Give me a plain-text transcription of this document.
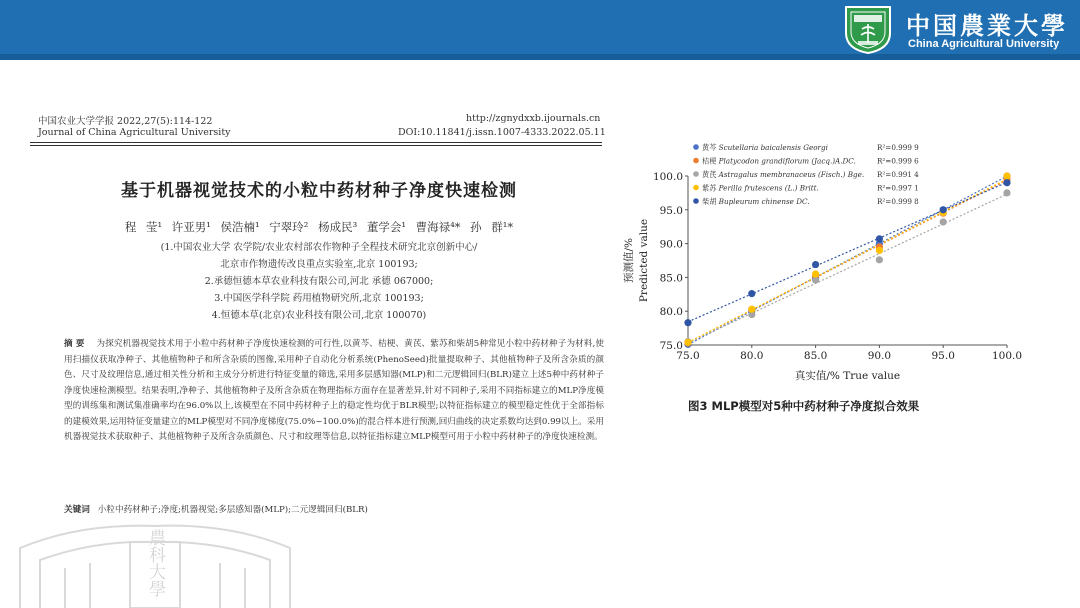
中国農業大學
China Agricultural University
中国农业大学学报 2022,27(5):114-122
Journal of China Agricultural University
http://zgnydxxb.ijournals.cn
DOI:10.11841/j.issn.1007-4333.2022.05.11
基于机器视觉技术的小粒中药材种子净度快速检测
程 莹¹ 许亚男¹ 侯浩楠¹ 宁翠玲² 杨成民³ 董学会¹ 曹海禄⁴* 孙 群¹*
(1.中国农业大学 农学院/农业农村部农作物种子全程技术研究北京创新中心/
北京市作物遗传改良重点实验室,北京 100193;
2.承德恒德本草农业科技有限公司,河北 承德 067000;
3.中国医学科学院 药用植物研究所,北京 100193;
4.恒德本草(北京)农业科技有限公司,北京 100070)
摘 要 为探究机器视觉技术用于小粒中药材种子净度快速检测的可行性,以黄芩、桔梗、黄芪、紫苏和柴胡5种常见小粒中药材种子为材料,使用扫描仪获取净种子、其他植物种子和所含杂质的图像,采用种子自动化分析系统(PhenoSeed)批量提取种子、其他植物种子及所含杂质的颜色、尺寸及纹理信息,通过相关性分析和主成分分析进行特征变量的筛选,采用多层感知器(MLP)和二元逻辑回归(BLR)建立上述5种中药材种子净度快速检测模型。结果表明,净种子、其他植物种子及所含杂质在物理指标方面存在显著差异,针对不同种子,采用不同指标建立的MLP净度模型的训练集和测试集准确率均在96.0%以上,该模型在不同中药材种子上的稳定性均优于BLR模型;以特征指标建立的模型稳定性优于全部指标的建模效果,运用特征变量建立的MLP模型对不同净度梯度(75.0%~100.0%)的混合样本进行预测,回归曲线的决定系数均达到0.99以上。采用机器视觉技术获取种子、其他植物种子及所含杂质颜色、尺寸和纹理等信息,以特征指标建立MLP模型可用于小粒中药材种子的净度快速检测。
关键词 小粒中药材种子;净度;机器视觉;多层感知器(MLP);二元逻辑回归(BLR)
農科大學
75.0	80.0	85.0	90.0	95.0	100.0
75.0
80.0
85.0
90.0
95.0
100.0
黄芩 Scutellaria baicalensis Georgi	R²=0.999 9
桔梗 Platycodon grandiflorum (Jacq.)A.DC.	R²=0.999 6
黄芪 Astragalus membranaceus (Fisch.) Bge. R²=0.991 4
紫苏 Perilla frutescens (L.) Britt.	R²=0.997 1
柴胡 Bupleurum chinense DC.	R²=0.999 8
真实值/% True value
预测值/% Predicted value
图3 MLP模型对5种中药材种子净度拟合效果
